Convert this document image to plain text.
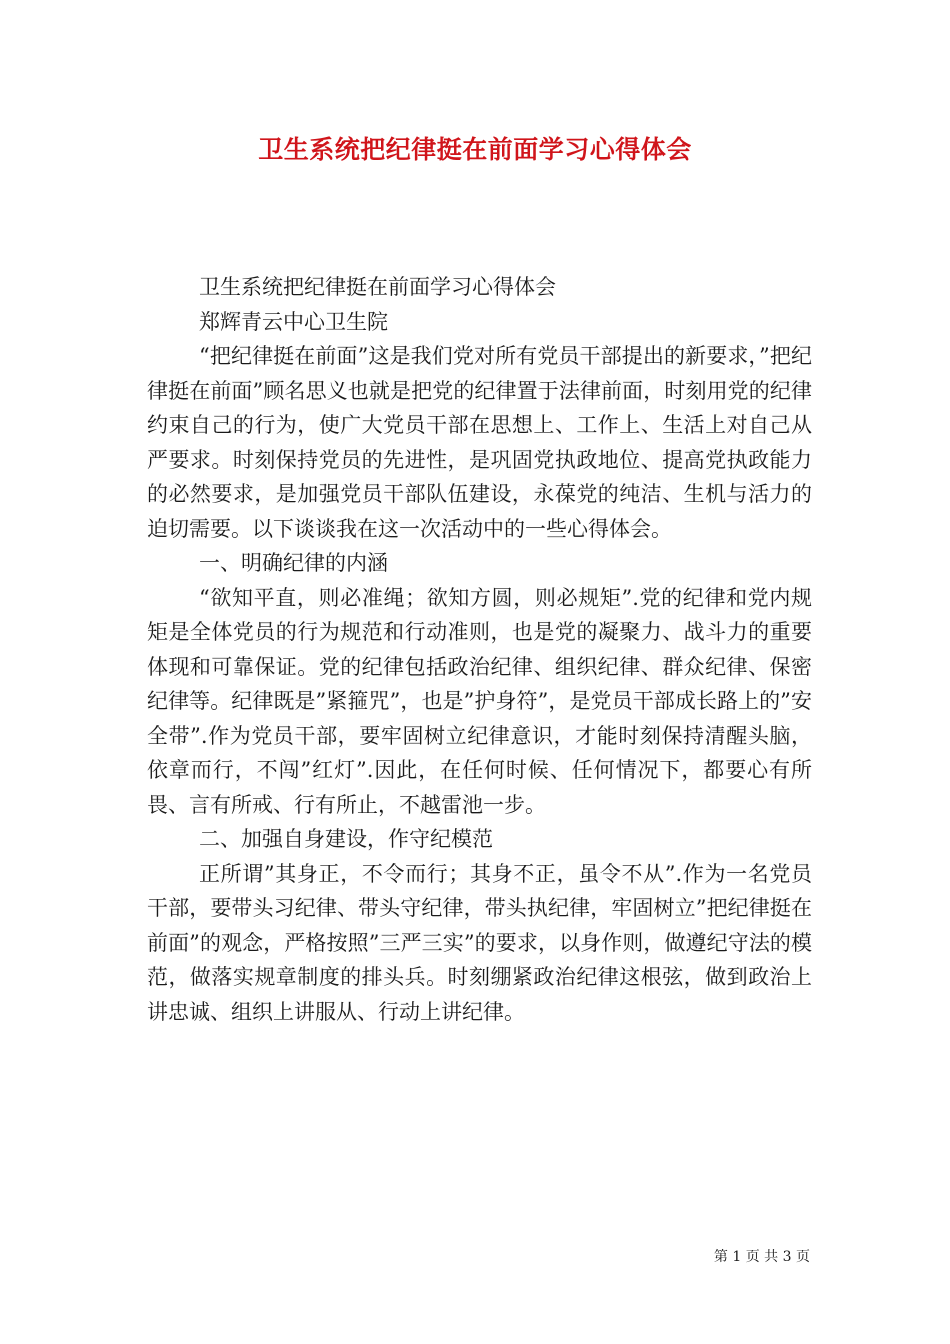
卫生系统把纪律挺在前面学习心得体会
卫生系统把纪律挺在前面学习心得体会
郑辉青云中心卫生院
“把纪律挺在前面”这是我们党对所有党员干部提出的新要求，”把纪律挺在前面”顾名思义也就是把党的纪律置于法律前面，时刻用党的纪律约束自己的行为，使广大党员干部在思想上、工作上、生活上对自己从严要求。时刻保持党员的先进性，是巩固党执政地位、提高党执政能力的必然要求，是加强党员干部队伍建设，永葆党的纯洁、生机与活力的迫切需要。以下谈谈我在这一次活动中的一些心得体会。
一、明确纪律的内涵
“欲知平直，则必准绳；欲知方圆，则必规矩”.党的纪律和党内规矩是全体党员的行为规范和行动准则，也是党的凝聚力、战斗力的重要体现和可靠保证。党的纪律包括政治纪律、组织纪律、群众纪律、保密纪律等。纪律既是”紧箍咒”，也是”护身符”，是党员干部成长路上的”安全带”.作为党员干部，要牢固树立纪律意识，才能时刻保持清醒头脑，依章而行，不闯”红灯”.因此，在任何时候、任何情况下，都要心有所畏、言有所戒、行有所止，不越雷池一步。
二、加强自身建设，作守纪模范
正所谓”其身正，不令而行；其身不正，虽令不从”.作为一名党员干部，要带头习纪律、带头守纪律，带头执纪律，牢固树立”把纪律挺在前面”的观念，严格按照”三严三实”的要求，以身作则，做遵纪守法的模范，做落实规章制度的排头兵。时刻绷紧政治纪律这根弦，做到政治上讲忠诚、组织上讲服从、行动上讲纪律。
第 1 页 共 3 页
